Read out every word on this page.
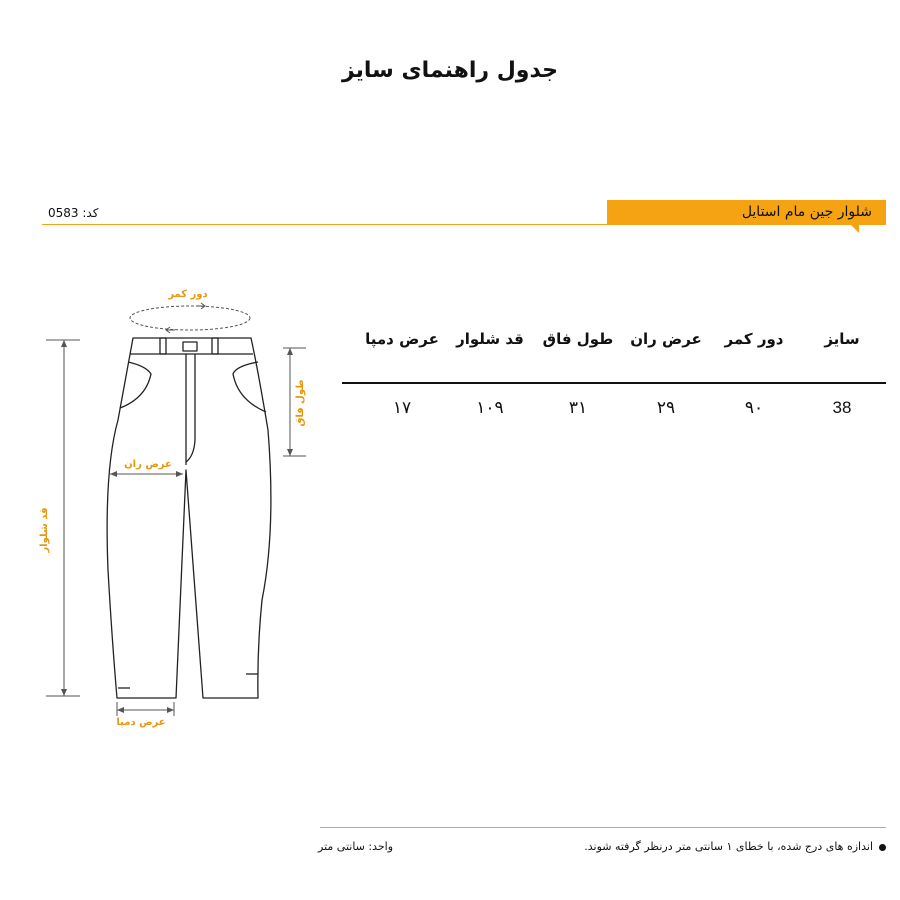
جدول راهنمای سایز
کد: 0583	شلوار جین مام استایل
دور کمر
عرض ران
عرض دمپا
طول فاق
قد شلوار
سایز
دور کمر
عرض ران
طول فاق
قد شلوار
عرض دمپا
38
۹۰
۲۹
۳۱
۱۰۹
۱۷
اندازه های درج شده، با خطای ۱ سانتی متر درنظر گرفته شوند.
واحد: سانتی متر
